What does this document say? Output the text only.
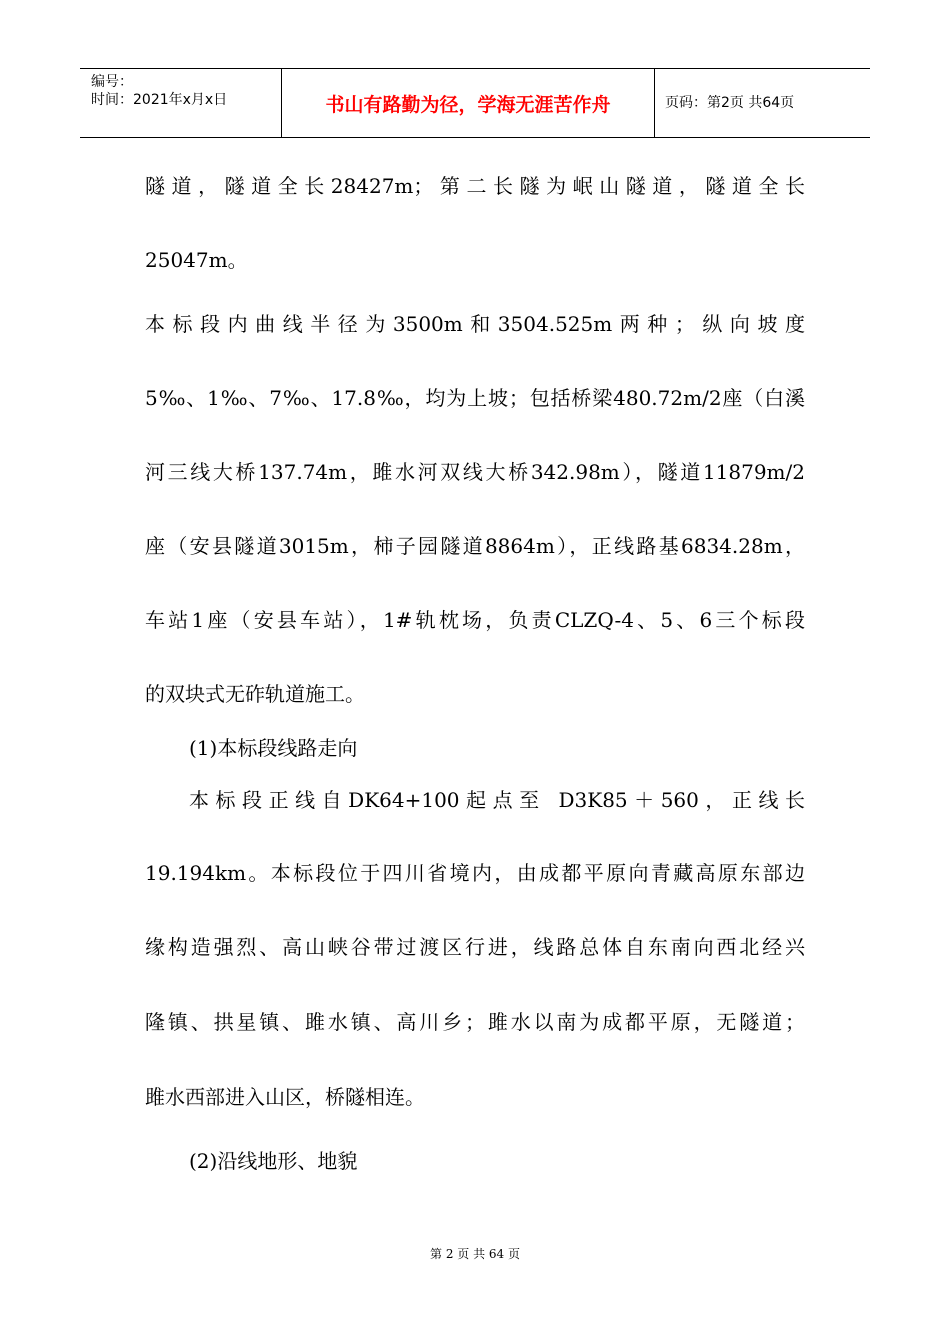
编号：
时间：2021年x月x日	书山有路勤为径，学海无涯苦作舟	页码：第2页 共64页

隧道，隧道全长28427m；第二长隧为岷山隧道，隧道全长

25047m。

本标段内曲线半径为3500m和3504.525m两种；纵向坡度

5‰、1‰、7‰、17.8‰，均为上坡；包括桥梁480.72m/2座（白溪

河三线大桥137.74m，雎水河双线大桥342.98m），隧道11879m/2

座（安县隧道3015m，柿子园隧道8864m），正线路基6834.28m，

车站1座（安县车站），1#轨枕场，负责CLZQ-4、5、6三个标段

的双块式无砟轨道施工。

(1)本标段线路走向

本标段正线自DK64+100起点至 D3K85＋560，正线长

19.194km。本标段位于四川省境内，由成都平原向青藏高原东部边

缘构造强烈、高山峡谷带过渡区行进，线路总体自东南向西北经兴

隆镇、拱星镇、雎水镇、高川乡；雎水以南为成都平原，无隧道；

雎水西部进入山区，桥隧相连。

(2)沿线地形、地貌

第 2 页 共 64 页
